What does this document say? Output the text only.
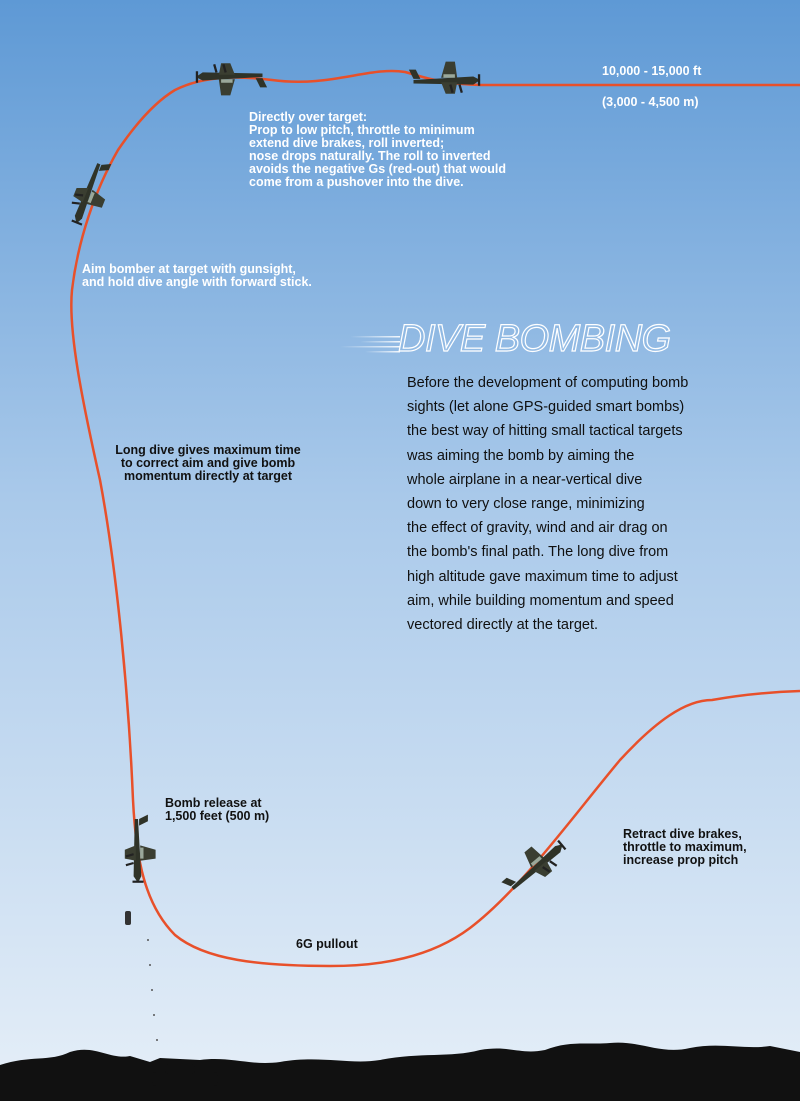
10,000 - 15,000 ft
(3,000 - 4,500 m)
Directly over target:
Prop to low pitch, throttle to minimum
extend dive brakes, roll inverted;
nose drops naturally. The roll to inverted
avoids the negative Gs (red-out) that would
come from a pushover into the dive.
Aim bomber at target with gunsight,
and hold dive angle with forward stick.
Long dive gives maximum time
to correct aim and give bomb
momentum directly at target
Bomb release at
1,500 feet (500 m)
6G pullout
Retract dive brakes,
throttle to maximum,
increase prop pitch
DIVE BOMBING
Before the development of computing bomb
sights (let alone GPS-guided smart bombs)
the best way of hitting small tactical targets
was aiming the bomb by aiming the
whole airplane in a near-vertical dive
down to very close range, minimizing
the effect of gravity, wind and air drag on
the bomb's final path. The long dive from
high altitude gave maximum time to adjust
aim, while building momentum and speed
vectored directly at the target.
